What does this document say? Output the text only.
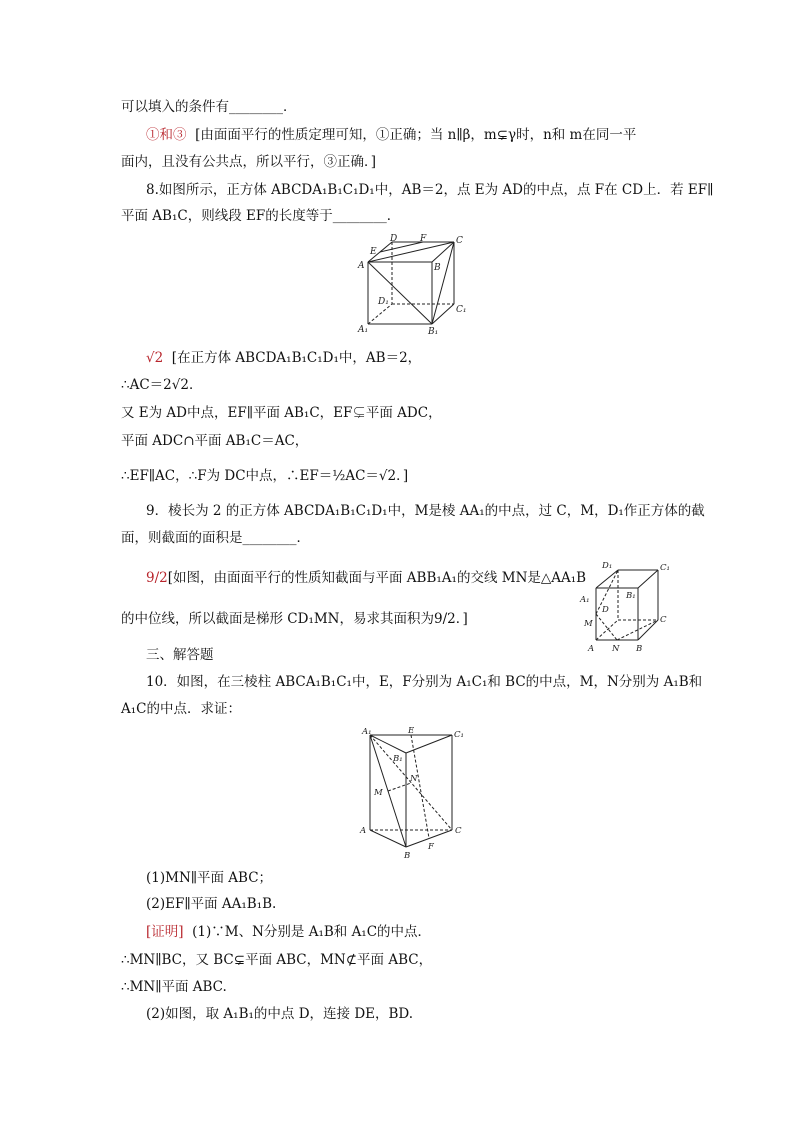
可以填入的条件有________．
①和③ [由面面平行的性质定理可知，①正确；当 n∥β，m⊊γ时，n和 m在同一平
面内，且没有公共点，所以平行，③正确．]
8.如图所示，正方体 ABCDA₁B₁C₁D₁中，AB＝2，点 E为 AD的中点，点 F在 CD上．若 EF∥
平面 AB₁C，则线段 EF的长度等于________．
E
D	F	C
A	B
D₁
C₁
A₁	B₁
√2 [在正方体 ABCDA₁B₁C₁D₁中，AB＝2，
∴AC＝2√2．
又 E为 AD中点，EF∥平面 AB₁C，EF⊊平面 ADC，
平面 ADC∩平面 AB₁C＝AC，
∴EF∥AC，∴F为 DC中点，∴EF＝½AC＝√2．]
9．棱长为 2 的正方体 ABCDA₁B₁C₁D₁中，M是棱 AA₁的中点，过 C，M，D₁作正方体的截
面，则截面的面积是________．
9/2[如图，由面面平行的性质知截面与平面 ABB₁A₁的交线 MN是△AA₁B
的中位线，所以截面是梯形 CD₁MN，易求其面积为9/2．]
D₁	C₁
A₁	B₁
D
C
M
A N B
三、解答题
10．如图，在三棱柱 ABCA₁B₁C₁中，E，F分别为 A₁C₁和 BC的中点，M，N分别为 A₁B和
A₁C的中点．求证：
A₁	E	C₁
B₁
N
M
A	C
B
F
(1)MN∥平面 ABC；
(2)EF∥平面 AA₁B₁B.
[证明] (1)∵M、N分别是 A₁B和 A₁C的中点．
∴MN∥BC，又 BC⊊平面 ABC，MN⊄平面 ABC，
∴MN∥平面 ABC.
(2)如图，取 A₁B₁的中点 D，连接 DE，BD.
